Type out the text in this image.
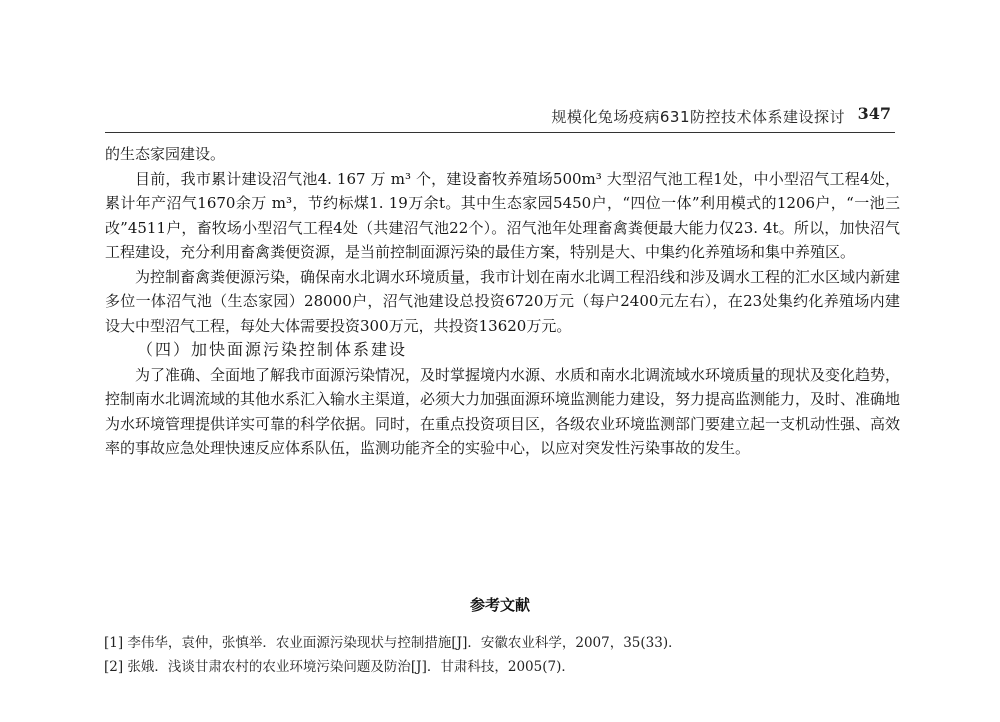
规模化兔场疫病631防控技术体系建设探讨 347

的生态家园建设。

目前，我市累计建设沼气池4. 167 万 m³ 个，建设畜牧养殖场500m³ 大型沼气池工程1处，中小型沼气工程4处，累计年产沼气1670余万 m³，节约标煤1. 19万余t。其中生态家园5450户，“四位一体”利用模式的1206户，“一池三改”4511户，畜牧场小型沼气工程4处（共建沼气池22个）。沼气池年处理畜禽粪便最大能力仅23. 4t。所以，加快沼气工程建设，充分利用畜禽粪便资源，是当前控制面源污染的最佳方案，特别是大、中集约化养殖场和集中养殖区。

为控制畜禽粪便源污染，确保南水北调水环境质量，我市计划在南水北调工程沿线和涉及调水工程的汇水区域内新建多位一体沼气池（生态家园）28000户，沼气池建设总投资6720万元（每户2400元左右），在23处集约化养殖场内建设大中型沼气工程，每处大体需要投资300万元，共投资13620万元。

（四）加快面源污染控制体系建设

为了准确、全面地了解我市面源污染情况，及时掌握境内水源、水质和南水北调流域水环境质量的现状及变化趋势，控制南水北调流域的其他水系汇入输水主渠道，必须大力加强面源环境监测能力建设，努力提高监测能力，及时、准确地为水环境管理提供详实可靠的科学依据。同时，在重点投资项目区，各级农业环境监测部门要建立起一支机动性强、高效率的事故应急处理快速反应体系队伍，监测功能齐全的实验中心，以应对突发性污染事故的发生。

参考文献
[1] 李伟华，袁仲，张慎举．农业面源污染现状与控制措施[J]．安徽农业科学，2007，35(33)．
[2] 张娥．浅谈甘肃农村的农业环境污染问题及防治[J]．甘肃科技，2005(7)．
